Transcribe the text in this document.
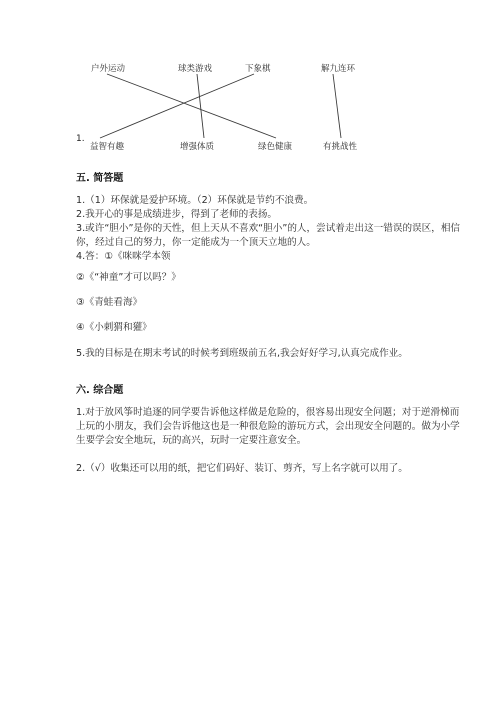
户外运动	球类游戏	下象棋	解九连环
1.
益智有趣	增强体质	绿色健康	有挑战性
五. 简答题
1.（1）环保就是爱护环境。（2）环保就是节约不浪费。
2.我开心的事是成绩进步，得到了老师的表扬。
3.或许“胆小”是你的天性，但上天从不喜欢“胆小”的人，尝试着走出这一错误的误区，相信你，经过自己的努力，你一定能成为一个顶天立地的人。
4.答：①《咪咪学本领
②《“神童”才可以吗？》
③《青蛙看海》
④《小刺猬和獾》
5.我的目标是在期末考试的时候考到班级前五名,我会好好学习,认真完成作业。
六. 综合题
1.对于放风筝时追逐的同学要告诉他这样做是危险的，很容易出现安全问题；对于逆滑梯而上玩的小朋友，我们会告诉他这也是一种很危险的游玩方式，会出现安全问题的。做为小学生要学会安全地玩，玩的高兴，玩时一定要注意安全。
2.（√）收集还可以用的纸，把它们码好、装订、剪齐，写上名字就可以用了。
